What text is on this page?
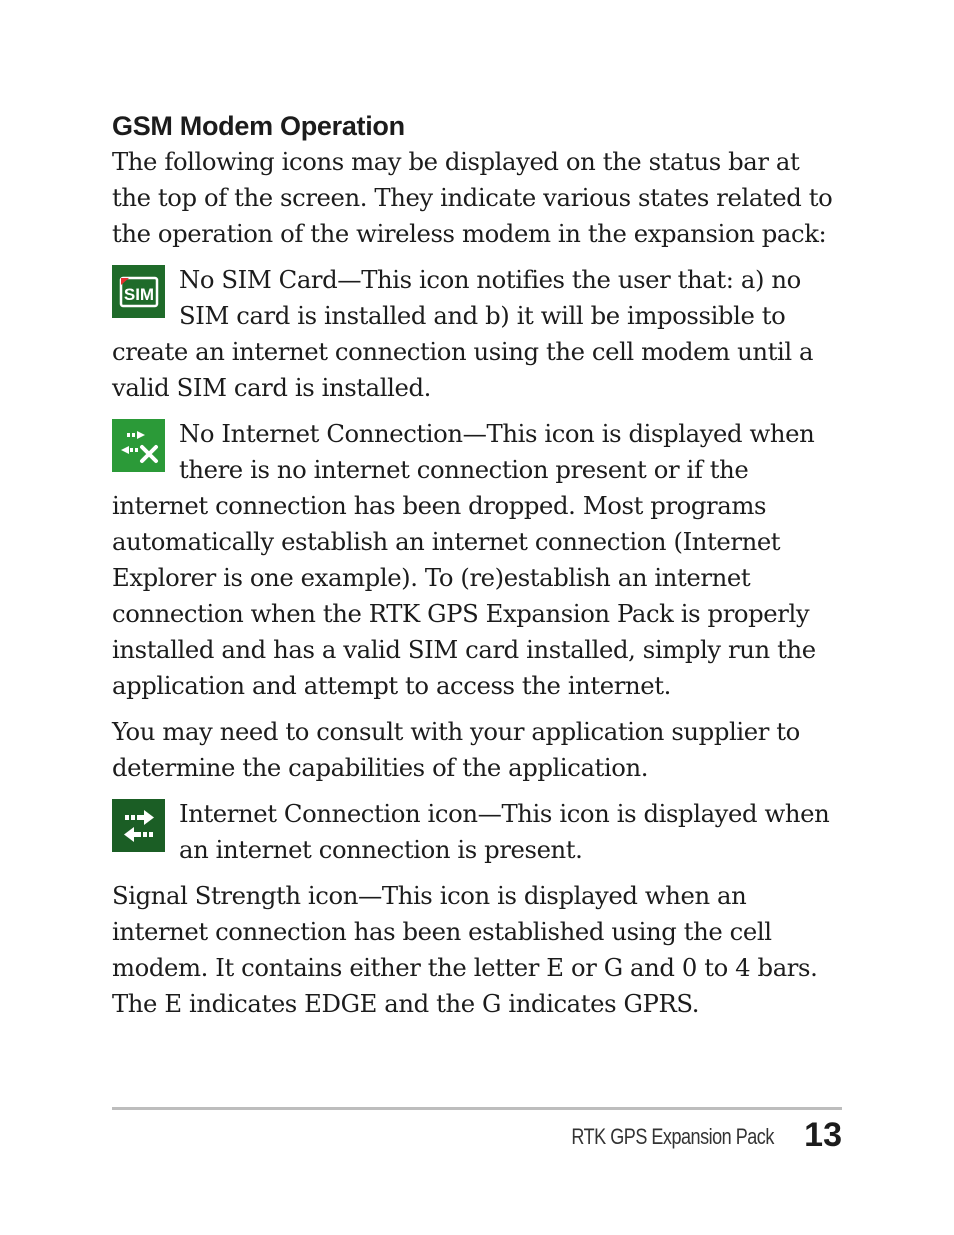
GSM Modem Operation

The following icons may be displayed on the status bar at the top of the screen. They indicate various states related to the operation of the wireless modem in the expansion pack:

SIM	No SIM Card—This icon notifies the user that: a) no SIM card is installed and b) it will be impossible to create an internet connection using the cell modem until a valid SIM card is installed.

No Internet Connection—This icon is displayed when there is no internet connection present or if the internet connection has been dropped. Most programs automatically establish an internet connection (Internet Explorer is one example). To (re)establish an internet connection when the RTK GPS Expansion Pack is properly installed and has a valid SIM card installed, simply run the application and attempt to access the internet.

You may need to consult with your application supplier to determine the capabilities of the application.

Internet Connection icon—This icon is displayed when an internet connection is present.

Signal Strength icon—This icon is displayed when an internet connection has been established using the cell modem. It contains either the letter E or G and 0 to 4 bars. The E indicates EDGE and the G indicates GPRS.

RTK GPS Expansion Pack 13
